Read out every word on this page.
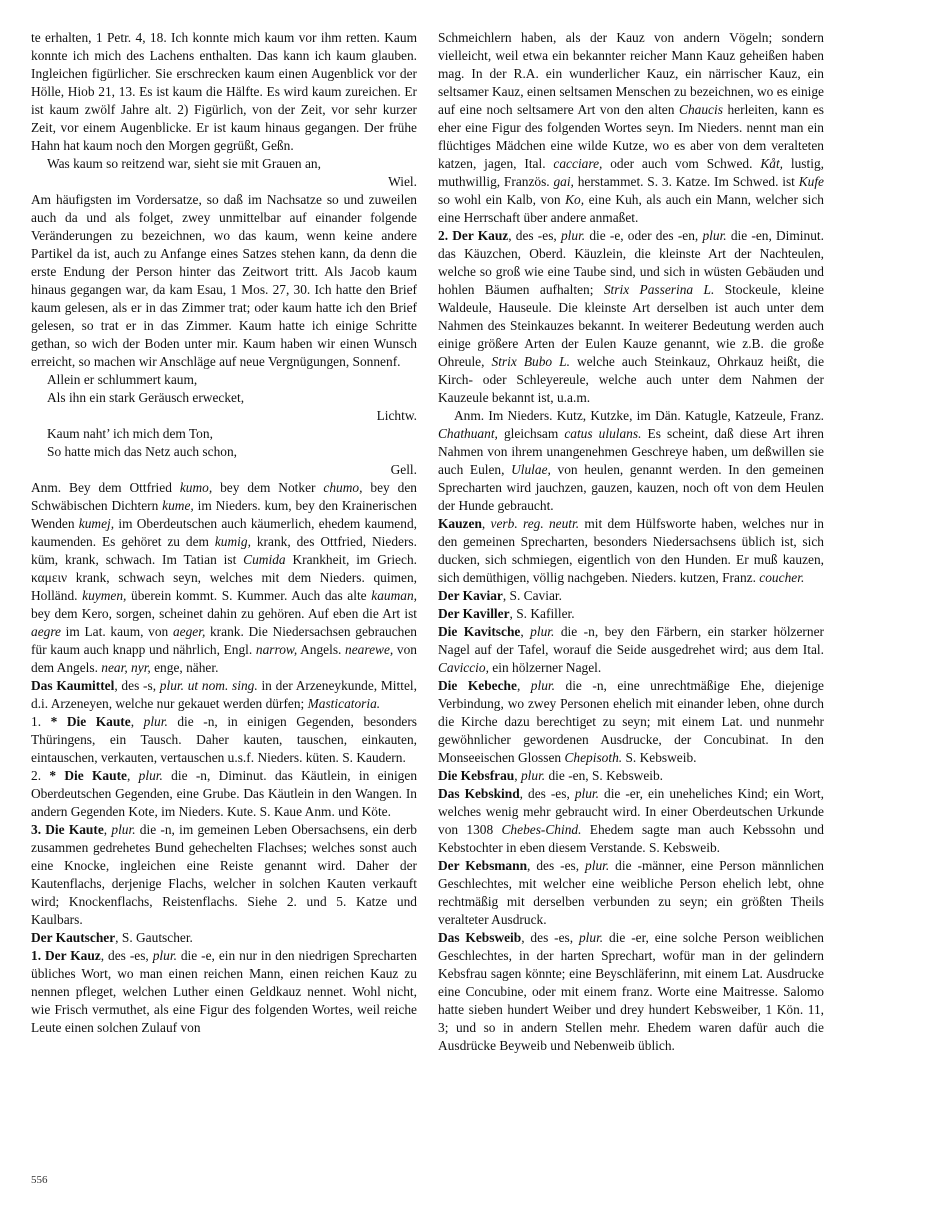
te erhalten, 1 Petr. 4, 18. Ich konnte mich kaum vor ihm retten. Kaum konnte ich mich des Lachens enthalten. Das kann ich kaum glauben. Ingleichen figürlicher. Sie erschrecken kaum einen Augenblick vor der Hölle, Hiob 21, 13. Es ist kaum die Hälfte. Es wird kaum zureichen. Er ist kaum zwölf Jahre alt. 2) Figürlich, von der Zeit, vor sehr kurzer Zeit, vor einem Augenblicke. Er ist kaum hinaus gegangen. Der frühe Hahn hat kaum noch den Morgen gegrüßt, Geßn.

Was kaum so reitzend war, sieht sie mit Grauen an,

Wiel.

Am häufigsten im Vordersatze, so daß im Nachsatze so und zuweilen auch da und als folget, zwey unmittelbar auf einander folgende Veränderungen zu bezeichnen, wo das kaum, wenn keine andere Partikel da ist, auch zu Anfange eines Satzes stehen kann, da denn die erste Endung der Person hinter das Zeitwort tritt. Als Jacob kaum hinaus gegangen war, da kam Esau, 1 Mos. 27, 30. Ich hatte den Brief kaum gelesen, als er in das Zimmer trat; oder kaum hatte ich den Brief gelesen, so trat er in das Zimmer. Kaum hatte ich einige Schritte gethan, so wich der Boden unter mir. Kaum haben wir einen Wunsch erreicht, so machen wir Anschläge auf neue Vergnügungen, Sonnenf.

Allein er schlummert kaum,

Als ihn ein stark Geräusch erwecket,

Lichtw.

Kaum naht’ ich mich dem Ton,

So hatte mich das Netz auch schon,

Gell.

Anm. Bey dem Ottfried kumo, bey dem Notker chumo, bey den Schwäbischen Dichtern kume, im Nieders. kum, bey den Krainerischen Wenden kumej, im Oberdeutschen auch käumerlich, ehedem kaumend, kaumenden. Es gehöret zu dem kumig, krank, des Ottfried, Nieders. küm, krank, schwach. Im Tatian ist Cumida Krankheit, im Griech. καμειν krank, schwach seyn, welches mit dem Nieders. quimen, Holländ. kuymen, überein kommt. S. Kummer. Auch das alte kauman, bey dem Kero, sorgen, scheinet dahin zu gehören. Auf eben die Art ist aegre im Lat. kaum, von aeger, krank. Die Niedersachsen gebrauchen für kaum auch knapp und nährlich, Engl. narrow, Angels. nearewe, von dem Angels. near, nyr, enge, näher.

Das Kaumittel, des -s, plur. ut nom. sing. in der Arzeneykunde, Mittel, d.i. Arzeneyen, welche nur gekauet werden dürfen; Masticatoria.

1. * Die Kaute, plur. die -n, in einigen Gegenden, besonders Thüringens, ein Tausch. Daher kauten, tauschen, einkauten, eintauschen, verkauten, vertauschen u.s.f. Nieders. küten. S. Kaudern.

2. * Die Kaute, plur. die -n, Diminut. das Käutlein, in einigen Oberdeutschen Gegenden, eine Grube. Das Käutlein in den Wangen. In andern Gegenden Kote, im Nieders. Kute. S. Kaue Anm. und Köte.

3. Die Kaute, plur. die -n, im gemeinen Leben Obersachsens, ein derb zusammen gedrehetes Bund gehechelten Flachses; welches sonst auch eine Knocke, ingleichen eine Reiste genannt wird. Daher der Kautenflachs, derjenige Flachs, welcher in solchen Kauten verkauft wird; Knockenflachs, Reistenflachs. Siehe 2. und 5. Katze und Kaulbars.

Der Kautscher, S. Gautscher.

1. Der Kauz, des -es, plur. die -e, ein nur in den niedrigen Sprecharten übliches Wort, wo man einen reichen Mann, einen reichen Kauz zu nennen pfleget, welchen Luther einen Geldkauz nennet. Wohl nicht, wie Frisch vermuthet, als eine Figur des folgenden Wortes, weil reiche Leute einen solchen Zulauf von

Schmeichlern haben, als der Kauz von andern Vögeln; sondern vielleicht, weil etwa ein bekannter reicher Mann Kauz geheißen haben mag. In der R.A. ein wunderlicher Kauz, ein närrischer Kauz, ein seltsamer Kauz, einen seltsamen Menschen zu bezeichnen, wo es einige auf eine noch seltsamere Art von den alten Chaucis herleiten, kann es eher eine Figur des folgenden Wortes seyn. Im Nieders. nennt man ein flüchtiges Mädchen eine wilde Kutze, wo es aber von dem veralteten katzen, jagen, Ital. cacciare, oder auch vom Schwed. Kåt, lustig, muthwillig, Französ. gai, herstammet. S. 3. Katze. Im Schwed. ist Kufe so wohl ein Kalb, von Ko, eine Kuh, als auch ein Mann, welcher sich eine Herrschaft über andere anmaßet.

2. Der Kauz, des -es, plur. die -e, oder des -en, plur. die -en, Diminut. das Käuzchen, Oberd. Käuzlein, die kleinste Art der Nachteulen, welche so groß wie eine Taube sind, und sich in wüsten Gebäuden und hohlen Bäumen aufhalten; Strix Passerina L. Stockeule, kleine Waldeule, Hauseule. Die kleinste Art derselben ist auch unter dem Nahmen des Steinkauzes bekannt. In weiterer Bedeutung werden auch einige größere Arten der Eulen Kauze genannt, wie z.B. die große Ohreule, Strix Bubo L. welche auch Steinkauz, Ohrkauz heißt, die Kirch- oder Schleyereule, welche auch unter dem Nahmen der Kauzeule bekannt ist, u.a.m.

Anm. Im Nieders. Kutz, Kutzke, im Dän. Katugle, Katzeule, Franz. Chathuant, gleichsam catus ululans. Es scheint, daß diese Art ihren Nahmen von ihrem unangenehmen Geschreye haben, um deßwillen sie auch Eulen, Ululae, von heulen, genannt werden. In den gemeinen Sprecharten wird jauchzen, gauzen, kauzen, noch oft von dem Heulen der Hunde gebraucht.

Kauzen, verb. reg. neutr. mit dem Hülfsworte haben, welches nur in den gemeinen Sprecharten, besonders Niedersachsens üblich ist, sich ducken, sich schmiegen, eigentlich von den Hunden. Er muß kauzen, sich demüthigen, völlig nachgeben. Nieders. kutzen, Franz. coucher.

Der Kaviar, S. Caviar.

Der Kaviller, S. Kafiller.

Die Kavitsche, plur. die -n, bey den Färbern, ein starker hölzerner Nagel auf der Tafel, worauf die Seide ausgedrehet wird; aus dem Ital. Caviccio, ein hölzerner Nagel.

Die Kebeche, plur. die -n, eine unrechtmäßige Ehe, diejenige Verbindung, wo zwey Personen ehelich mit einander leben, ohne durch die Kirche dazu berechtiget zu seyn; mit einem Lat. und nunmehr gewöhnlicher gewordenen Ausdrucke, der Concubinat. In den Monseeischen Glossen Chepisoth. S. Kebsweib.

Die Kebsfrau, plur. die -en, S. Kebsweib.

Das Kebskind, des -es, plur. die -er, ein uneheliches Kind; ein Wort, welches wenig mehr gebraucht wird. In einer Oberdeutschen Urkunde von 1308 Chebes-Chind. Ehedem sagte man auch Kebssohn und Kebstochter in eben diesem Verstande. S. Kebsweib.

Der Kebsmann, des -es, plur. die -männer, eine Person männlichen Geschlechtes, mit welcher eine weibliche Person ehelich lebt, ohne rechtmäßig mit derselben verbunden zu seyn; ein größten Theils veralteter Ausdruck.

Das Kebsweib, des -es, plur. die -er, eine solche Person weiblichen Geschlechtes, in der harten Sprechart, wofür man in der gelindern Kebsfrau sagen könnte; eine Beyschläferinn, mit einem Lat. Ausdrucke eine Concubine, oder mit einem franz. Worte eine Maitresse. Salomo hatte sieben hundert Weiber und drey hundert Kebsweiber, 1 Kön. 11, 3; und so in andern Stellen mehr. Ehedem waren dafür auch die Ausdrücke Beyweib und Nebenweib üblich.

556
